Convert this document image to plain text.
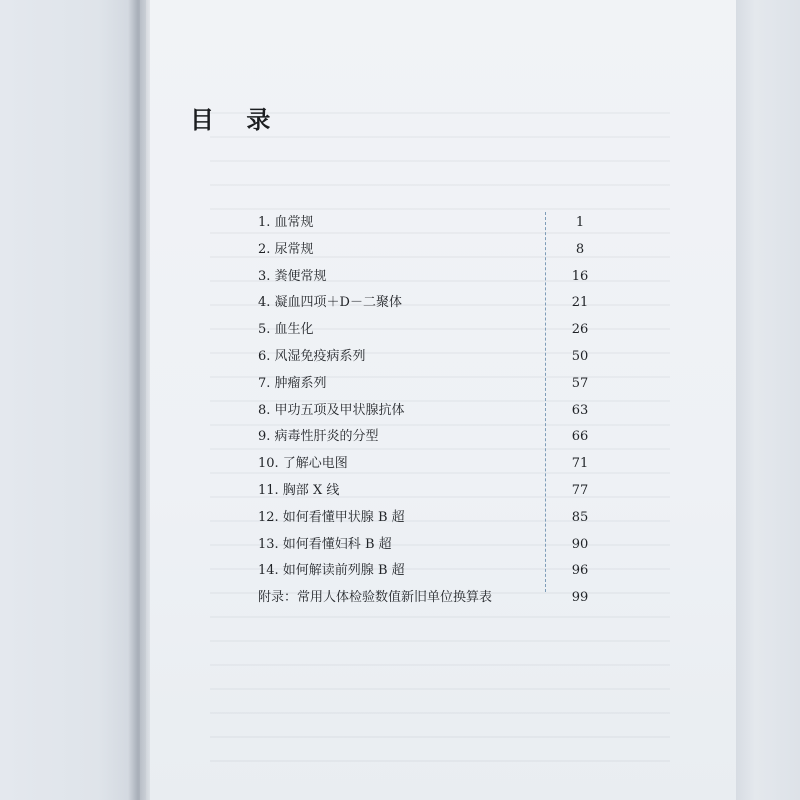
目 录
1. 血常规	1
2. 尿常规	8
3. 粪便常规	16
4. 凝血四项＋D－二聚体	21
5. 血生化	26
6. 风湿免疫病系列	50
7. 肿瘤系列	57
8. 甲功五项及甲状腺抗体	63
9. 病毒性肝炎的分型	66
10. 了解心电图	71
11. 胸部 X 线	77
12. 如何看懂甲状腺 B 超	85
13. 如何看懂妇科 B 超	90
14. 如何解读前列腺 B 超	96
附录：常用人体检验数值新旧单位换算表	99
